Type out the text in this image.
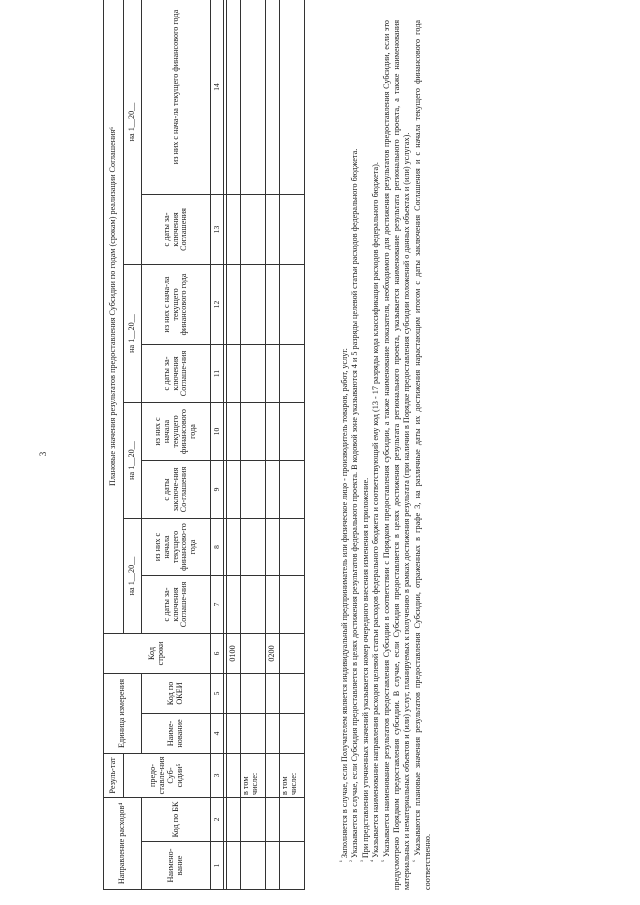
3
Направление расходов⁴		Резуль-тат	Единица измерения		Код строки	Плановые значения результатов предоставления Субсидии по годам (срокам) реализации Соглашения⁶							
		предо-ставле-ния Суб-сидии⁵				на 1__20__		на 1__20__		на 1__20__		на 1__20__	
Наимено-вание	Код по БК		Наиме-нование	Код по ОКЕИ		с даты за-ключения Соглаше-ния	из них с начала текущего финансово-го года	с даты заключе-ния Со-глашения	из них с начала текущего финансового года	с даты за-ключения Соглаше-ния	из них с нача-ла текущего финансового года	с даты за-ключения Соглашения	из них с нача-ла текущего финансового года
1	2	3	4	5	6	7	8	9	10	11	12	13	14

					0100								
		в том числе:											
					0200								
		в том числе:											

$^{^1}$ Заполняется в случае, если Получателем является индивидуальный предприниматель или физическое лицо - производитель товаров, работ, услуг.

$^{^2}$ Указывается в случае, если Субсидия предоставляется в целях достижения результатов федерального проекта. В кодовой зоне указываются 4 и 5 разряды целевой статьи расходов федерального бюджета.

$^{^3}$ При представлении уточненных значений указывается номер очередного внесения изменения в приложение.

$^{^4}$ Указывается наименование направления расходов целевой статьи расходов федерального бюджета и соответствующий ему код (13 - 17 разряды кода классификации расходов федерального бюджета).

$^{^5}$ Указывается наименование результатов предоставления Субсидии в соответствии с Порядком предоставления субсидии, а также наименование показателя, необходимого для достижения результатов предоставления Субсидии, если это предусмотрено Порядком предоставления субсидии. В случае, если Субсидия предоставляется в целях достижения результата регионального проекта, указывается наименование результата регионального проекта, а также наименования материальных и нематериальных объектов и (или) услуг, планируемых к получению в рамках достижения результата (при наличии в Порядке предоставления субсидии положений о данных объектах и (или) услугах). $^{^6}$ Указываются плановые значения результатов предоставления Субсидии, отраженных в графе 3, на различные даты их достижения нарастающим итогом с даты заключения Соглашения и с начала текущего финансового года соответственно.
